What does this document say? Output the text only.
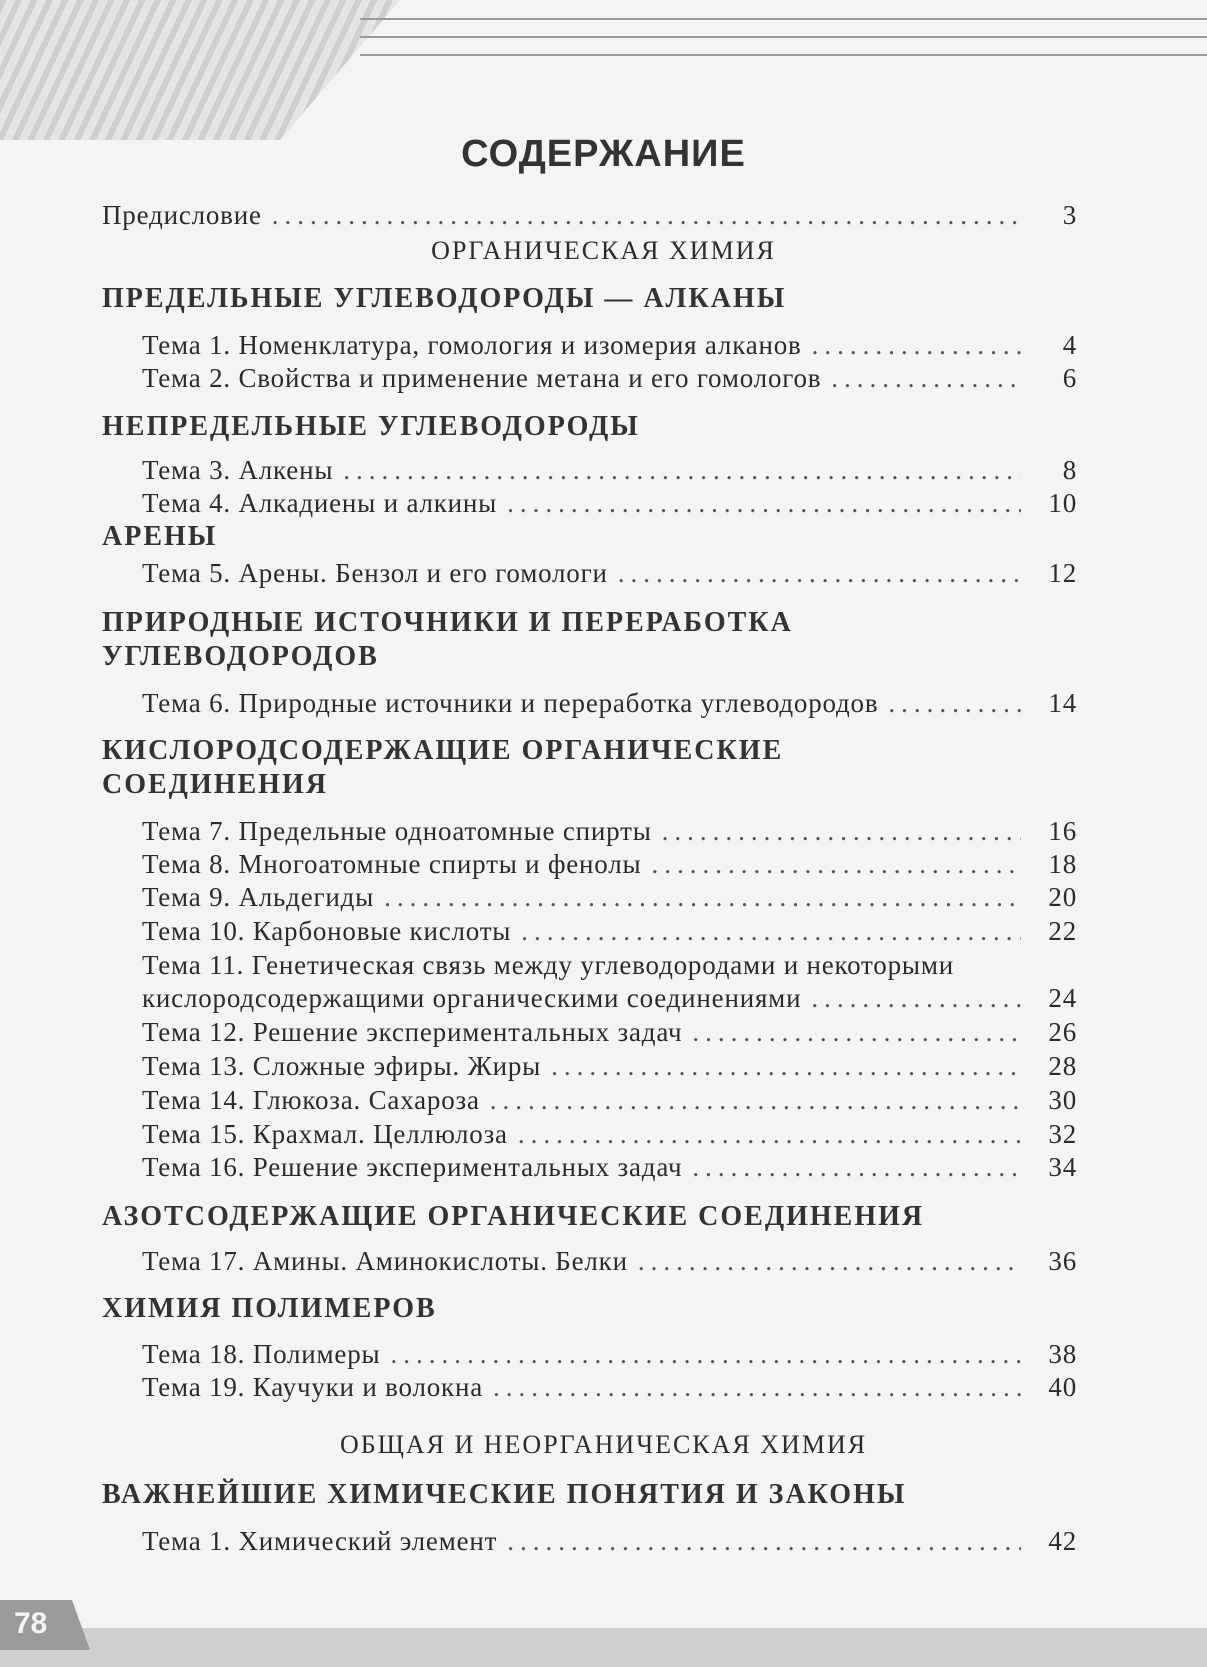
СОДЕРЖАНИЕ
Предисловие .....	3
ОРГАНИЧЕСКАЯ ХИМИЯ
ПРЕДЕЛЬНЫЕ УГЛЕВОДОРОДЫ — АЛКАНЫ
Тема 1. Номенклатура, гомология и изомерия алканов .....	4
Тема 2. Свойства и применение метана и его гомологов .....	6
НЕПРЕДЕЛЬНЫЕ УГЛЕВОДОРОДЫ
Тема 3. Алкены .....	8
Тема 4. Алкадиены и алкины .....	10
АРЕНЫ
Тема 5. Арены. Бензол и его гомологи .....	12
ПРИРОДНЫЕ ИСТОЧНИКИ И ПЕРЕРАБОТКА
УГЛЕВОДОРОДОВ
Тема 6. Природные источники и переработка углеводородов .....	14
КИСЛОРОДСОДЕРЖАЩИЕ ОРГАНИЧЕСКИЕ
СОЕДИНЕНИЯ
Тема 7. Предельные одноатомные спирты .....	16
Тема 8. Многоатомные спирты и фенолы .....	18
Тема 9. Альдегиды .....	20
Тема 10. Карбоновые кислоты .....	22
Тема 11. Генетическая связь между углеводородами и некоторыми
кислородсодержащими органическими соединениями .....	24
Тема 12. Решение экспериментальных задач .....	26
Тема 13. Сложные эфиры. Жиры .....	28
Тема 14. Глюкоза. Сахароза .....	30
Тема 15. Крахмал. Целлюлоза .....	32
Тема 16. Решение экспериментальных задач .....	34
АЗОТСОДЕРЖАЩИЕ ОРГАНИЧЕСКИЕ СОЕДИНЕНИЯ
Тема 17. Амины. Аминокислоты. Белки .....	36
ХИМИЯ ПОЛИМЕРОВ
Тема 18. Полимеры .....	38
Тема 19. Каучуки и волокна .....	40
ОБЩАЯ И НЕОРГАНИЧЕСКАЯ ХИМИЯ
ВАЖНЕЙШИЕ ХИМИЧЕСКИЕ ПОНЯТИЯ И ЗАКОНЫ
Тема 1. Химический элемент .....	42
78
